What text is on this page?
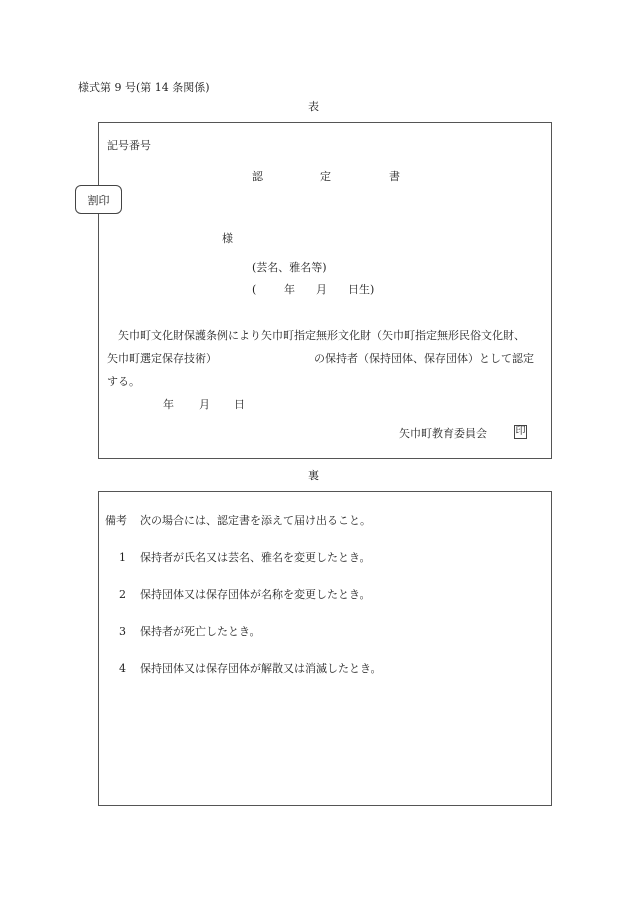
様式第 9 号(第 14 条関係)
表
記号番号
認	定	書
割印
様
(芸名、雅名等)
(	年 月 日生)
矢巾町文化財保護条例により矢巾町指定無形文化財（矢巾町指定無形民俗文化財、
矢巾町選定保存技術）	の保持者（保持団体、保存団体）として認定
する。
年 月 日
矢巾町教育委員会	印
裏
備考 次の場合には、認定書を添えて届け出ること。
1 保持者が氏名又は芸名、雅名を変更したとき。
2 保持団体又は保存団体が名称を変更したとき。
3 保持者が死亡したとき。
4 保持団体又は保存団体が解散又は消滅したとき。
